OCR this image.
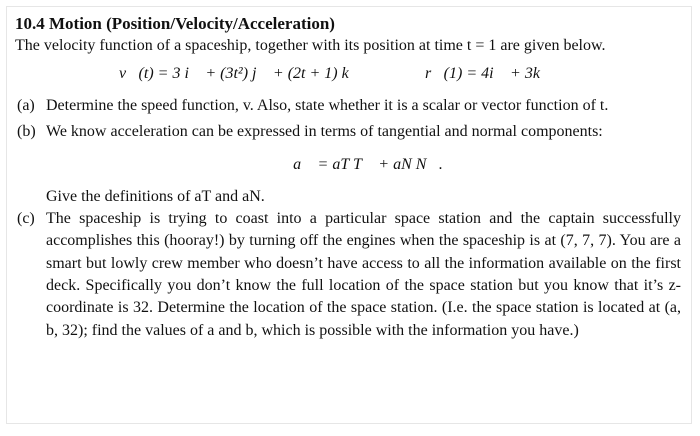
10.4 Motion (Position/Velocity/Acceleration)
The velocity function of a spaceship, together with its position at time t = 1 are given below.
v⃗(t) = 3 i⃗ + (3t²) j⃗ + (2t + 1) k⃗	r⃗(1) = 4i⃗ + 3k⃗
(a) Determine the speed function, v. Also, state whether it is a scalar or vector function of t.
(b) We know acceleration can be expressed in terms of tangential and normal components:
a⃗ = aT T⃗ + aN N⃗.
Give the definitions of aT and aN.
(c) The spaceship is trying to coast into a particular space station and the captain successfully accomplishes this (hooray!) by turning off the engines when the spaceship is at (7, 7, 7). You are a smart but lowly crew member who doesn’t have access to all the information available on the first deck. Specifically you don’t know the full location of the space station but you know that it’s z-coordinate is 32. Determine the location of the space station. (I.e. the space station is located at (a, b, 32); find the values of a and b, which is possible with the information you have.)
